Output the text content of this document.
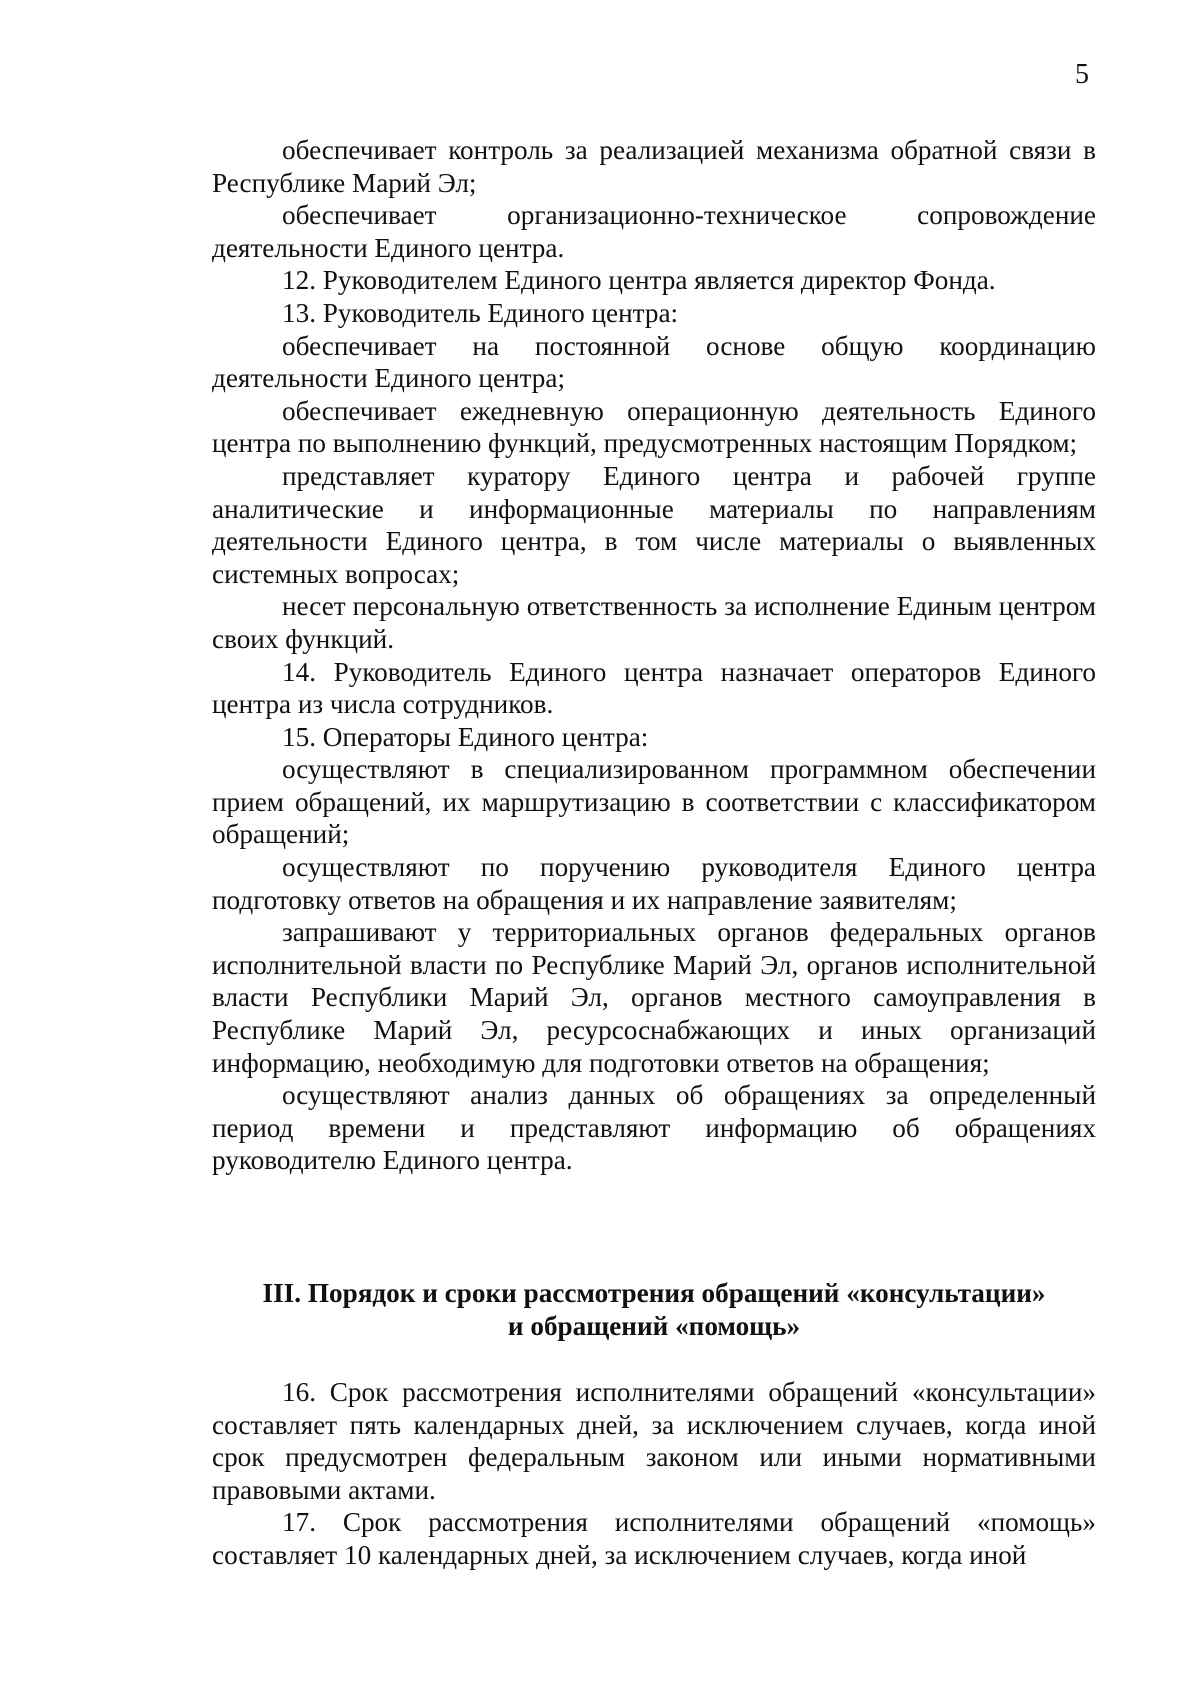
5

обеспечивает контроль за реализацией механизма обратной связи в Республике Марий Эл;

обеспечивает организационно-техническое сопровождение деятельности Единого центра.

12. Руководителем Единого центра является директор Фонда.

13. Руководитель Единого центра:

обеспечивает на постоянной основе общую координацию деятельности Единого центра;

обеспечивает ежедневную операционную деятельность Единого центра по выполнению функций, предусмотренных настоящим Порядком;

представляет куратору Единого центра и рабочей группе аналитические и информационные материалы по направлениям деятельности Единого центра, в том числе материалы о выявленных системных вопросах;

несет персональную ответственность за исполнение Единым центром своих функций.

14. Руководитель Единого центра назначает операторов Единого центра из числа сотрудников.

15. Операторы Единого центра:

осуществляют в специализированном программном обеспечении прием обращений, их маршрутизацию в соответствии с классификатором обращений;

осуществляют по поручению руководителя Единого центра подготовку ответов на обращения и их направление заявителям;

запрашивают у территориальных органов федеральных органов исполнительной власти по Республике Марий Эл, органов исполнительной власти Республики Марий Эл, органов местного самоуправления в Республике Марий Эл, ресурсоснабжающих и иных организаций информацию, необходимую для подготовки ответов на обращения;

осуществляют анализ данных об обращениях за определенный период времени и представляют информацию об обращениях руководителю Единого центра.

III. Порядок и сроки рассмотрения обращений «консультации»
и обращений «помощь»

16. Срок рассмотрения исполнителями обращений «консультации» составляет пять календарных дней, за исключением случаев, когда иной срок предусмотрен федеральным законом или иными нормативными правовыми актами.

17. Срок рассмотрения исполнителями обращений «помощь» составляет 10 календарных дней, за исключением случаев, когда иной
